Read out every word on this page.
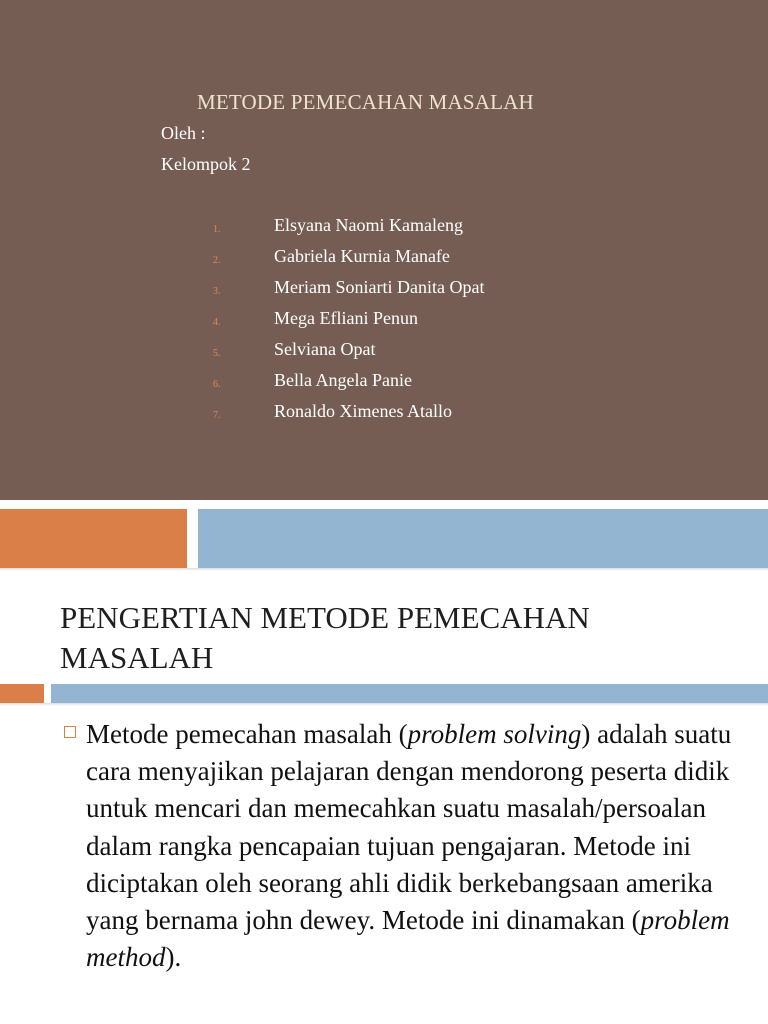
METODE PEMECAHAN MASALAH
Oleh :
Kelompok 2
1.	Elsyana Naomi Kamaleng
2.	Gabriela Kurnia Manafe
3.	Meriam Soniarti Danita Opat
4.	Mega Efliani Penun
5.	Selviana Opat
6.	Bella Angela Panie
7.	Ronaldo Ximenes Atallo
PENGERTIAN METODE PEMECAHAN MASALAH
Metode pemecahan masalah (problem solving) adalah suatu cara menyajikan pelajaran dengan mendorong peserta didik untuk mencari dan memecahkan suatu masalah/persoalan dalam rangka pencapaian tujuan pengajaran. Metode ini diciptakan oleh seorang ahli didik berkebangsaan amerika yang bernama john dewey. Metode ini dinamakan (problem method).
